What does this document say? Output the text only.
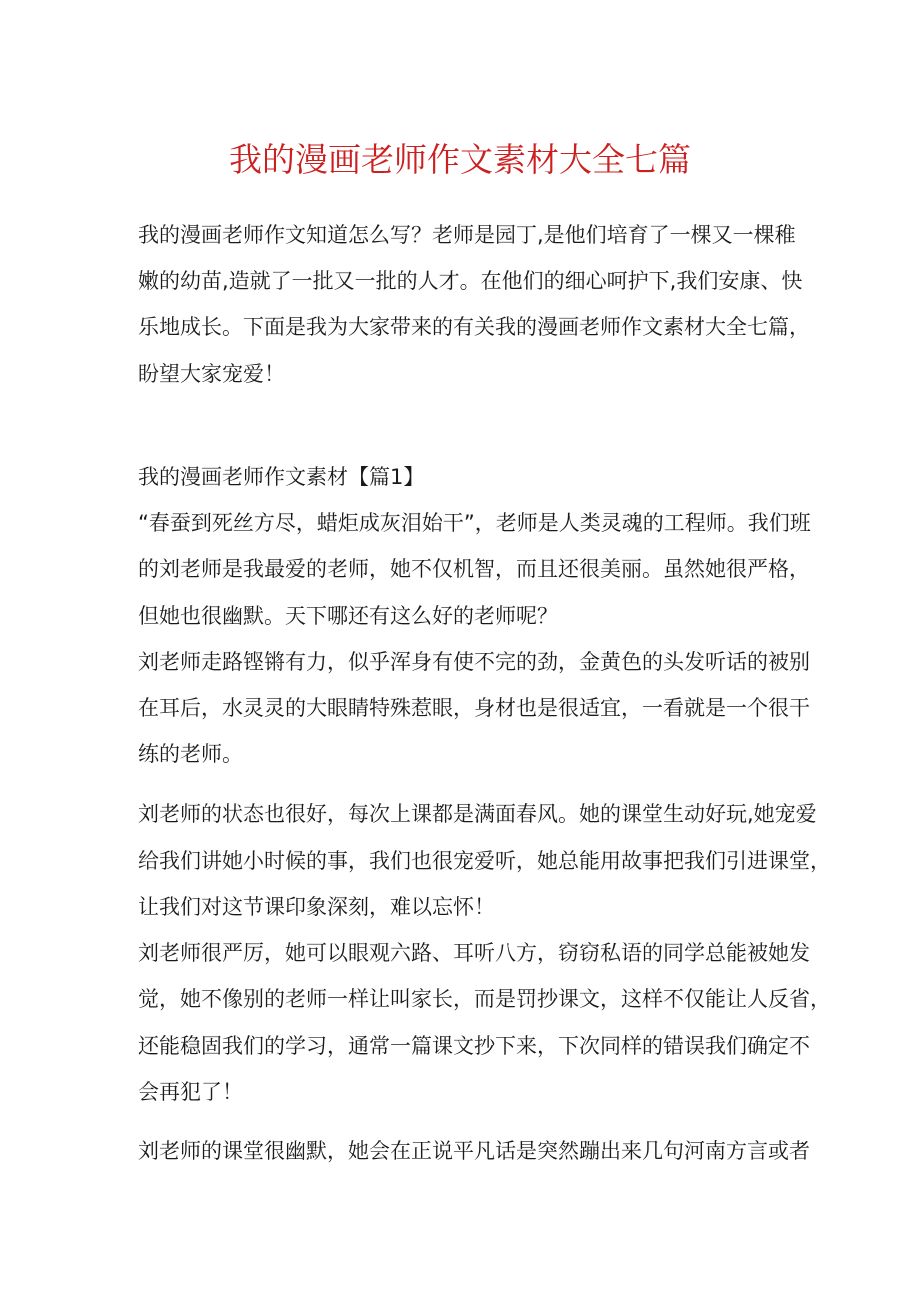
我的漫画老师作文素材大全七篇
我的漫画老师作文知道怎么写？老师是园丁,是他们培育了一棵又一棵稚
嫩的幼苗,造就了一批又一批的人才。在他们的细心呵护下,我们安康、快
乐地成长。下面是我为大家带来的有关我的漫画老师作文素材大全七篇，
盼望大家宠爱！
我的漫画老师作文素材【篇1】
“春蚕到死丝方尽，蜡炬成灰泪始干”，老师是人类灵魂的工程师。我们班
的刘老师是我最爱的老师，她不仅机智，而且还很美丽。虽然她很严格，
但她也很幽默。天下哪还有这么好的老师呢？
刘老师走路铿锵有力，似乎浑身有使不完的劲，金黄色的头发听话的被别
在耳后，水灵灵的大眼睛特殊惹眼，身材也是很适宜，一看就是一个很干
练的老师。
刘老师的状态也很好，每次上课都是满面春风。她的课堂生动好玩,她宠爱
给我们讲她小时候的事，我们也很宠爱听，她总能用故事把我们引进课堂，
让我们对这节课印象深刻，难以忘怀！
刘老师很严厉，她可以眼观六路、耳听八方，窃窃私语的同学总能被她发
觉，她不像别的老师一样让叫家长，而是罚抄课文，这样不仅能让人反省，
还能稳固我们的学习，通常一篇课文抄下来，下次同样的错误我们确定不
会再犯了！
刘老师的课堂很幽默，她会在正说平凡话是突然蹦出来几句河南方言或者
